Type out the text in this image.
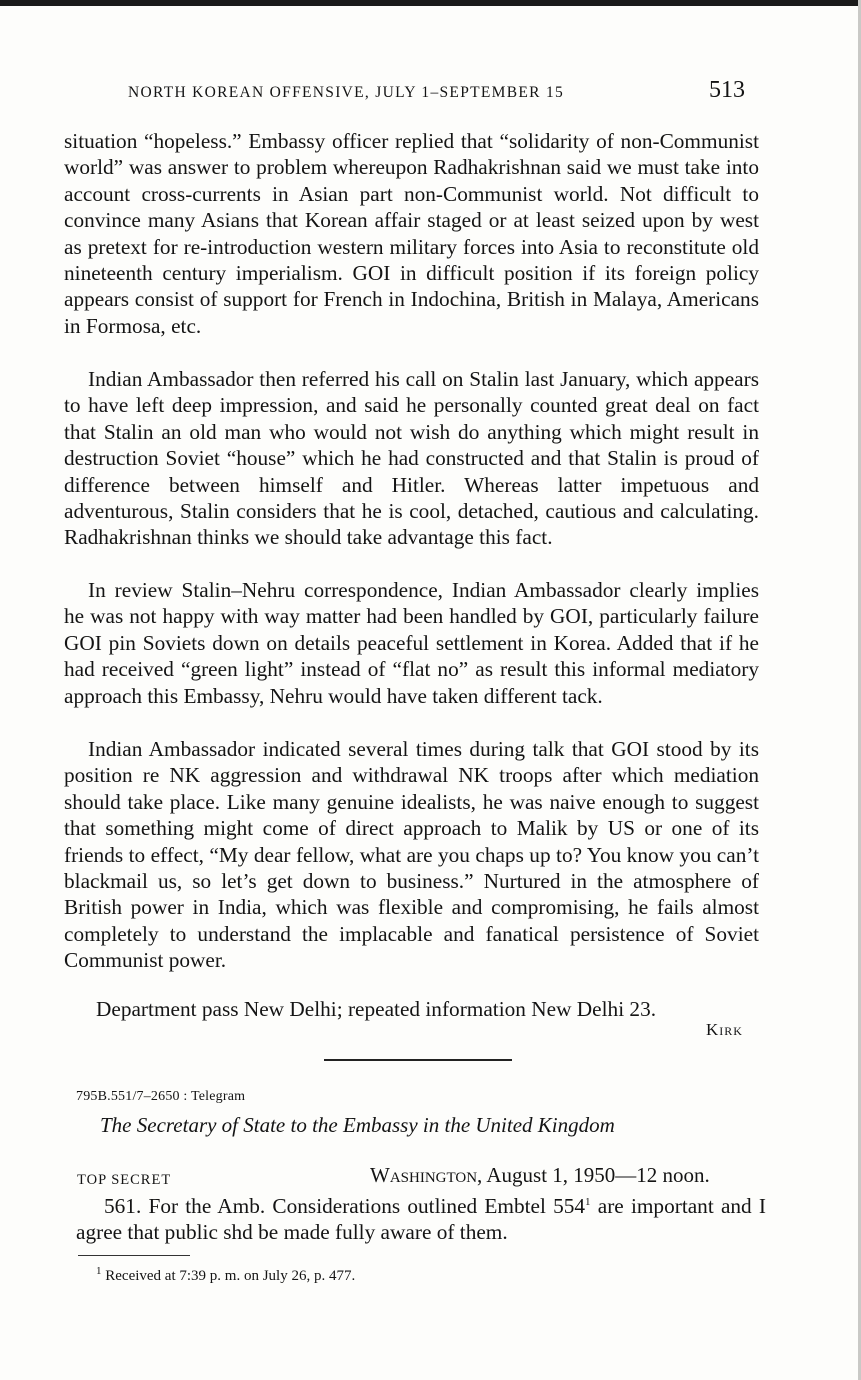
NORTH KOREAN OFFENSIVE, JULY 1–SEPTEMBER 15	513

situation “hopeless.” Embassy officer replied that “solidarity of non-Communist world” was answer to problem whereupon Radhakrishnan said we must take into account cross-currents in Asian part non-Communist world. Not difficult to convince many Asians that Korean affair staged or at least seized upon by west as pretext for re-introduction western military forces into Asia to reconstitute old nineteenth century imperialism. GOI in difficult position if its foreign policy appears consist of support for French in Indochina, British in Malaya, Americans in Formosa, etc.

Indian Ambassador then referred his call on Stalin last January, which appears to have left deep impression, and said he personally counted great deal on fact that Stalin an old man who would not wish do anything which might result in destruction Soviet “house” which he had constructed and that Stalin is proud of difference between himself and Hitler. Whereas latter impetuous and adventurous, Stalin considers that he is cool, detached, cautious and calculating. Radhakrishnan thinks we should take advantage this fact.

In review Stalin–Nehru correspondence, Indian Ambassador clearly implies he was not happy with way matter had been handled by GOI, particularly failure GOI pin Soviets down on details peaceful settlement in Korea. Added that if he had received “green light” instead of “flat no” as result this informal mediatory approach this Embassy, Nehru would have taken different tack.

Indian Ambassador indicated several times during talk that GOI stood by its position re NK aggression and withdrawal NK troops after which mediation should take place. Like many genuine idealists, he was naive enough to suggest that something might come of direct approach to Malik by US or one of its friends to effect, “My dear fellow, what are you chaps up to? You know you can’t blackmail us, so let’s get down to business.” Nurtured in the atmosphere of British power in India, which was flexible and compromising, he fails almost completely to understand the implacable and fanatical persistence of Soviet Communist power.

Department pass New Delhi; repeated information New Delhi 23.

Kirk
795B.551/7–2650 : Telegram
The Secretary of State to the Embassy in the United Kingdom
TOP SECRET	Washington, August 1, 1950—12 noon.

561. For the Amb. Considerations outlined Embtel $554^1$ are important and I agree that public shd be made fully aware of them.

$^1$ Received at 7:39 p. m. on July 26, p. 477.
